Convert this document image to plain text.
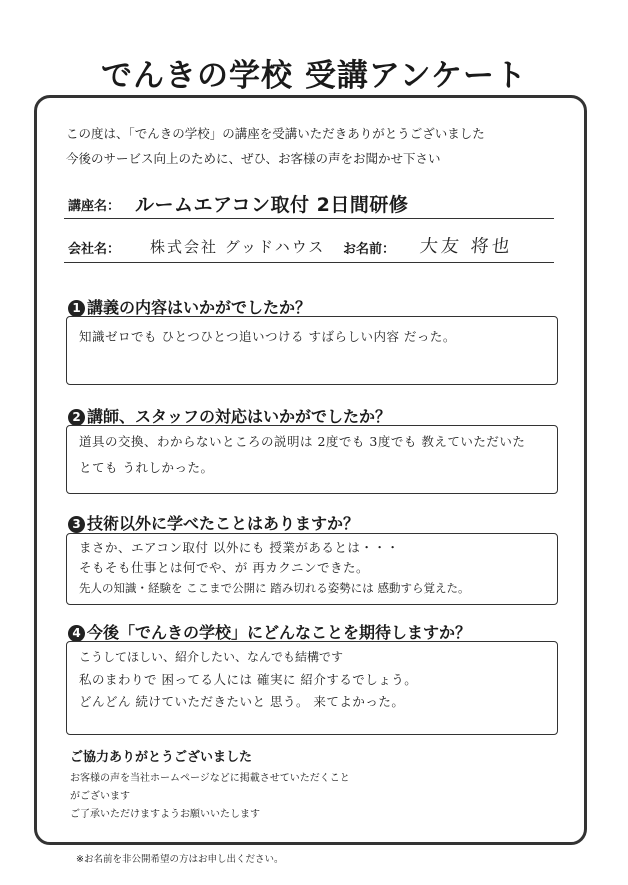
でんきの学校 受講アンケート
この度は、「でんきの学校」の講座を受講いただきありがとうございました
今後のサービス向上のために、ぜひ、お客様の声をお聞かせ下さい
講座名： ルームエアコン取付 2日間研修
会社名： 株式会社 グッドハウス お名前： 大友 将也
1 講義の内容はいかがでしたか？
知識ゼロでも ひとつひとつ追いつける すばらしい内容 だった。
2 講師、スタッフの対応はいかがでしたか？
道具の交換、わからないところの説明は 2度でも 3度でも 教えていただいた
とても うれしかった。
3 技術以外に学べたことはありますか？
まさか、エアコン取付 以外にも 授業があるとは・・・
そもそも仕事とは何でや、が 再カクニンできた。
先人の知識・経験を ここまで公開に 踏み切れる姿勢には 感動すら覚えた。
4 今後「でんきの学校」にどんなことを期待しますか？
こうしてほしい、紹介したい、なんでも結構です
私のまわりで 困ってる人には 確実に 紹介するでしょう。
どんどん 続けていただきたいと 思う。 来てよかった。
ご協力ありがとうございました
お客様の声を当社ホームページなどに掲載させていただくこと
がございます
ご了承いただけますようお願いいたします
※お名前を非公開希望の方はお申し出ください。
